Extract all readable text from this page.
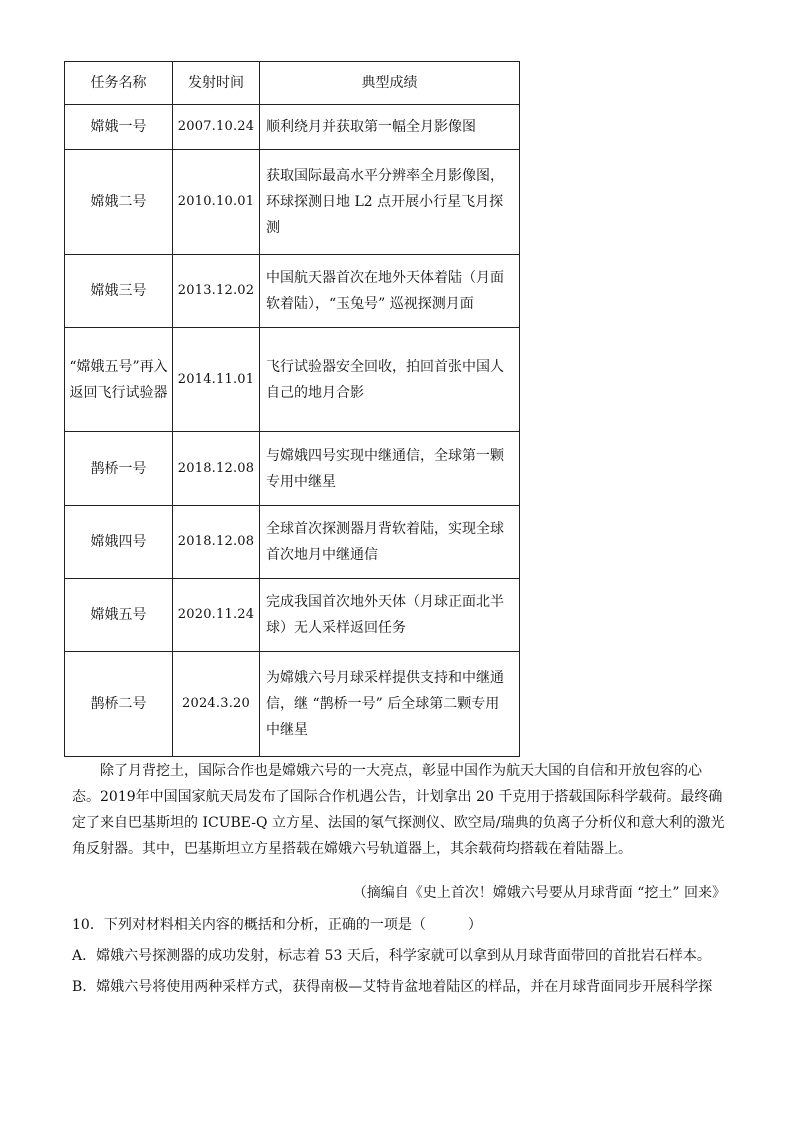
任务名称	发射时间	典型成绩
嫦娥一号	2007.10.24	顺利绕月并获取第一幅全月影像图
嫦娥二号	2010.10.01	获取国际最高水平分辨率全月影像图，环球探测日地 L2 点开展小行星飞月探测
嫦娥三号	2013.12.02	中国航天器首次在地外天体着陆（月面软着陆），“玉兔号” 巡视探测月面
“嫦娥五号”再入返回飞行试验器	2014.11.01	飞行试验器安全回收，拍回首张中国人自己的地月合影
鹊桥一号	2018.12.08	与嫦娥四号实现中继通信，全球第一颗专用中继星
嫦娥四号	2018.12.08	全球首次探测器月背软着陆，实现全球首次地月中继通信
嫦娥五号	2020.11.24	完成我国首次地外天体（月球正面北半球）无人采样返回任务
鹊桥二号	2024.3.20	为嫦娥六号月球采样提供支持和中继通信，继 “鹊桥一号” 后全球第二颗专用中继星

除了月背挖土，国际合作也是嫦娥六号的一大亮点，彰显中国作为航天大国的自信和开放包容的心态。2019年中国国家航天局发布了国际合作机遇公告，计划拿出 20 千克用于搭载国际科学载荷。最终确定了来自巴基斯坦的 ICUBE-Q 立方星、法国的氡气探测仪、欧空局/瑞典的负离子分析仪和意大利的激光角反射器。其中，巴基斯坦立方星搭载在嫦娥六号轨道器上，其余载荷均搭载在着陆器上。

（摘编自《史上首次！嫦娥六号要从月球背面 “挖土” 回来》

10．下列对材料相关内容的概括和分析，正确的一项是（　　　）

A．嫦娥六号探测器的成功发射，标志着 53 天后，科学家就可以拿到从月球背面带回的首批岩石样本。

B．嫦娥六号将使用两种采样方式，获得南极—艾特肯盆地着陆区的样品，并在月球背面同步开展科学探
